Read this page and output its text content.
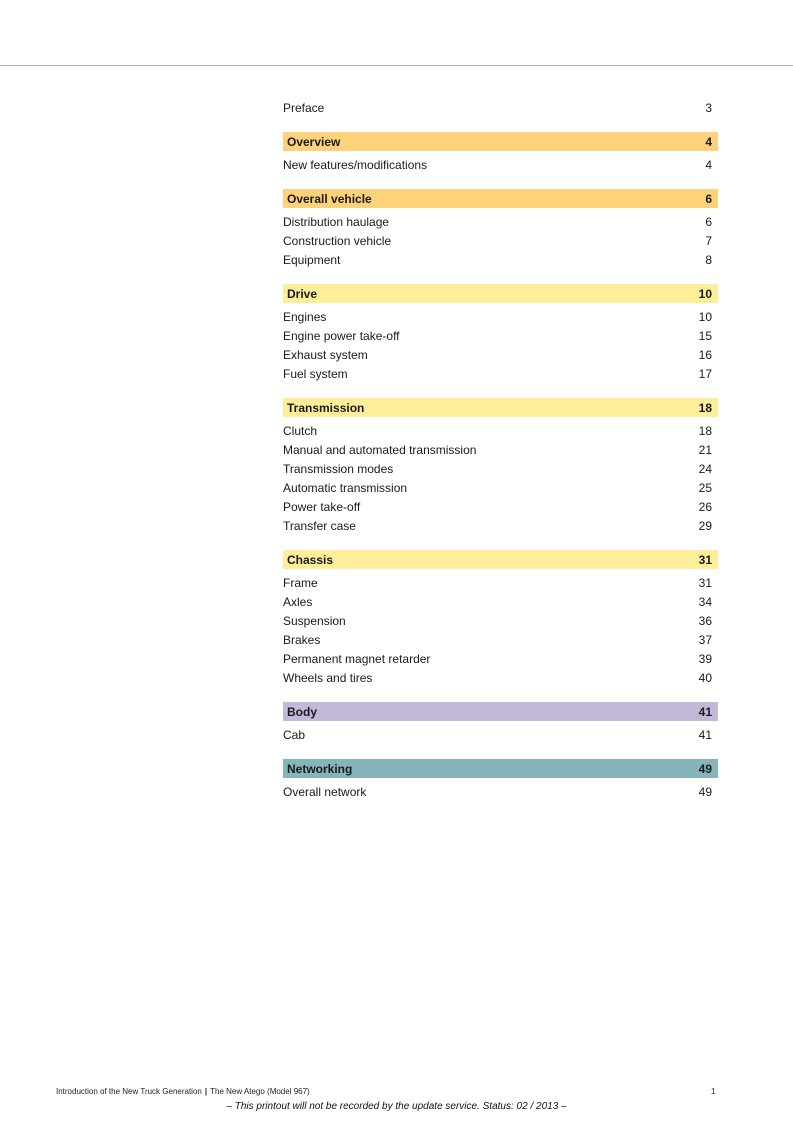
Preface	3
Overview	4
New features/modifications	4
Overall vehicle	6
Distribution haulage	6
Construction vehicle	7
Equipment	8
Drive	10
Engines	10
Engine power take-off	15
Exhaust system	16
Fuel system	17
Transmission	18
Clutch	18
Manual and automated transmission	21
Transmission modes	24
Automatic transmission	25
Power take-off	26
Transfer case	29
Chassis	31
Frame	31
Axles	34
Suspension	36
Brakes	37
Permanent magnet retarder	39
Wheels and tires	40
Body	41
Cab	41
Networking	49
Overall network	49
Introduction of the New Truck Generation | The New Atego (Model 967)	1
– This printout will not be recorded by the update service. Status: 02 / 2013 –
